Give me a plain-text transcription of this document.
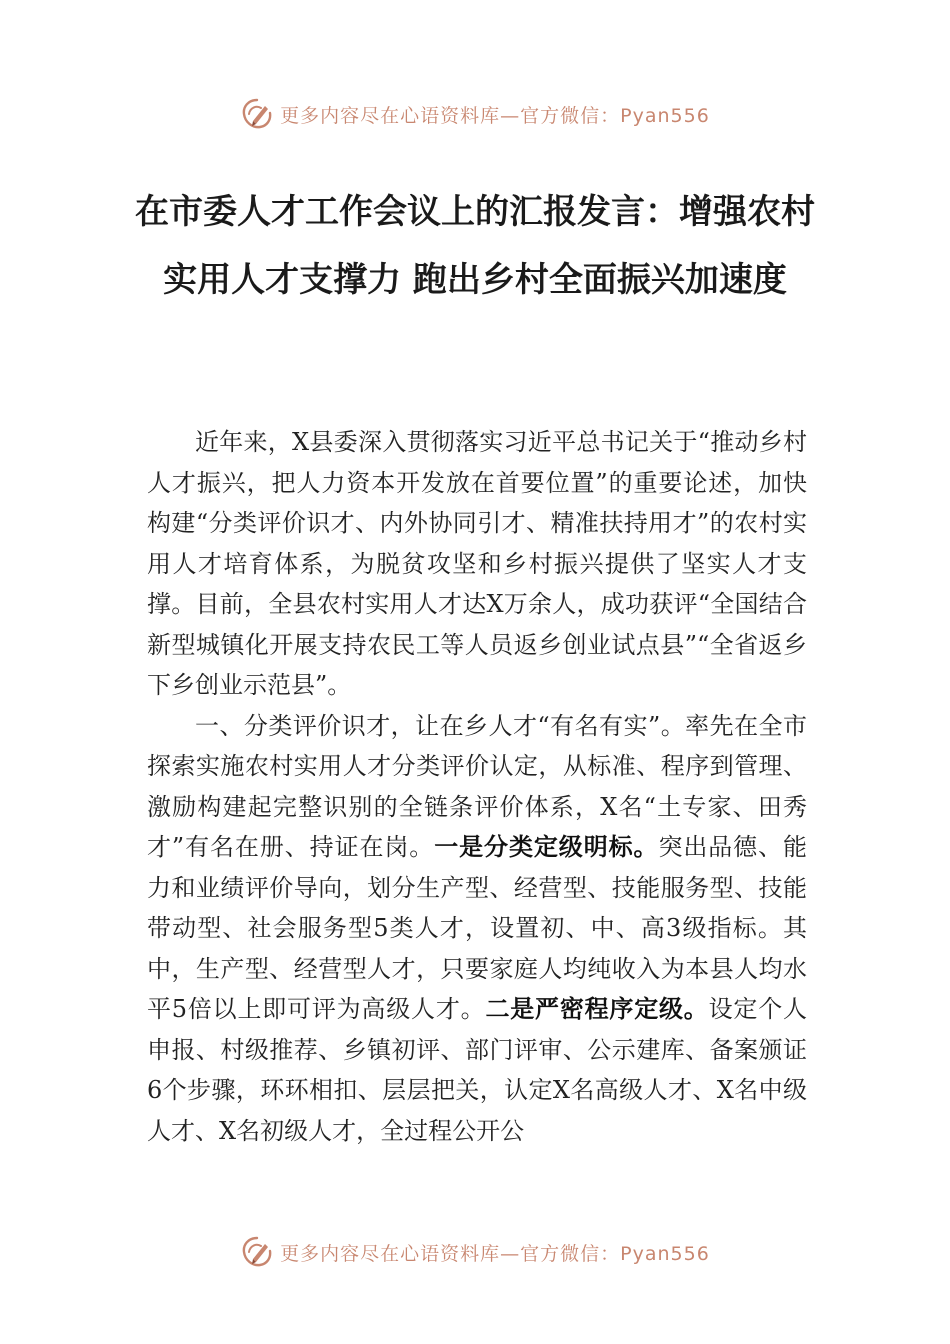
更多内容尽在心语资料库—官方微信：Pyan556
在市委人才工作会议上的汇报发言：增强农村实用人才支撑力 跑出乡村全面振兴加速度

近年来，X县委深入贯彻落实习近平总书记关于“推动乡村人才振兴，把人力资本开发放在首要位置”的重要论述，加快构建“分类评价识才、内外协同引才、精准扶持用才”的农村实用人才培育体系，为脱贫攻坚和乡村振兴提供了坚实人才支撑。目前，全县农村实用人才达X万余人，成功获评“全国结合新型城镇化开展支持农民工等人员返乡创业试点县”“全省返乡下乡创业示范县”。

一、分类评价识才，让在乡人才“有名有实”。率先在全市探索实施农村实用人才分类评价认定，从标准、程序到管理、激励构建起完整识别的全链条评价体系，X名“土专家、田秀才”有名在册、持证在岗。一是分类定级明标。突出品德、能力和业绩评价导向，划分生产型、经营型、技能服务型、技能带动型、社会服务型5类人才，设置初、中、高3级指标。其中，生产型、经营型人才，只要家庭人均纯收入为本县人均水平5倍以上即可评为高级人才。二是严密程序定级。设定个人申报、村级推荐、乡镇初评、部门评审、公示建库、备案颁证6个步骤，环环相扣、层层把关，认定X名高级人才、X名中级人才、X名初级人才，全过程公开公

更多内容尽在心语资料库—官方微信：Pyan556
